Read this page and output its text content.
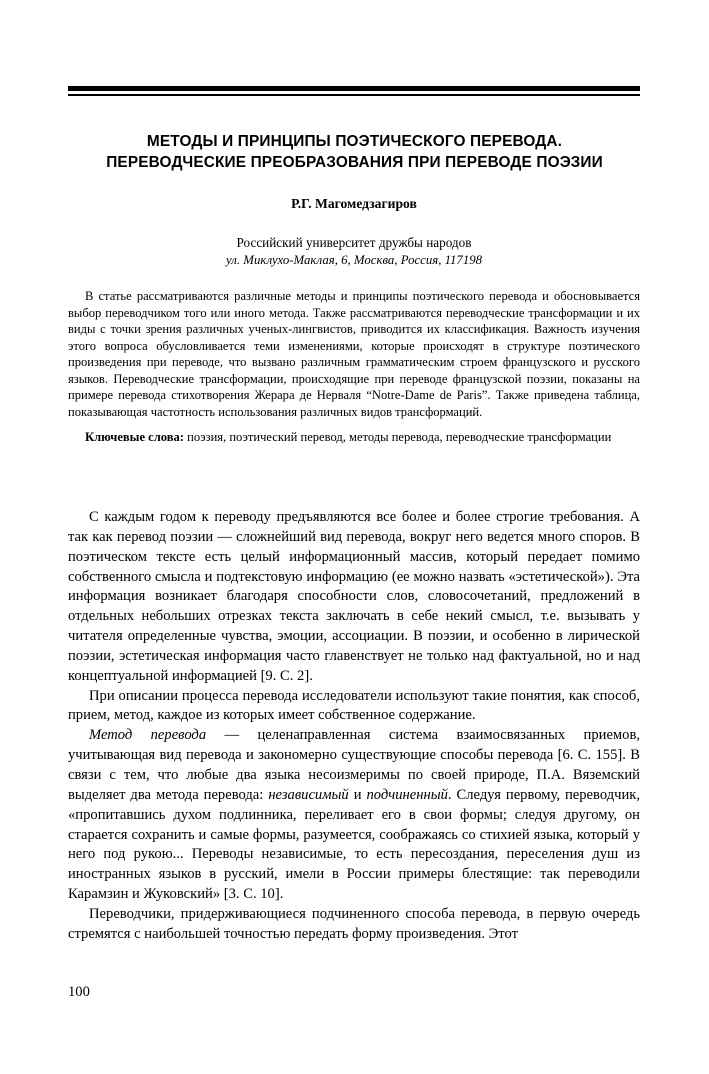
МЕТОДЫ И ПРИНЦИПЫ ПОЭТИЧЕСКОГО ПЕРЕВОДА.
ПЕРЕВОДЧЕСКИЕ ПРЕОБРАЗОВАНИЯ ПРИ ПЕРЕВОДЕ ПОЭЗИИ
Р.Г. Магомедзагиров
Российский университет дружбы народов
ул. Миклухо-Маклая, 6, Москва, Россия, 117198

В статье рассматриваются различные методы и принципы поэтического перевода и обосновывается выбор переводчиком того или иного метода. Также рассматриваются переводческие трансформации и их виды с точки зрения различных ученых-лингвистов, приводится их классификация. Важность изучения этого вопроса обусловливается теми изменениями, которые происходят в структуре поэтического произведения при переводе, что вызвано различным грамматическим строем французского и русского языков. Переводческие трансформации, происходящие при переводе французской поэзии, показаны на примере перевода стихотворения Жерара де Нерваля “Notre-Dame de Paris”. Также приведена таблица, показывающая частотность использования различных видов трансформаций.

Ключевые слова: поэзия, поэтический перевод, методы перевода, переводческие трансформации

С каждым годом к переводу предъявляются все более и более строгие требования. А так как перевод поэзии — сложнейший вид перевода, вокруг него ведется много споров. В поэтическом тексте есть целый информационный массив, который передает помимо собственного смысла и подтекстовую информацию (ее можно назвать «эстетической»). Эта информация возникает благодаря способности слов, словосочетаний, предложений в отдельных небольших отрезках текста заключать в себе некий смысл, т.е. вызывать у читателя определенные чувства, эмоции, ассоциации. В поэзии, и особенно в лирической поэзии, эстетическая информация часто главенствует не только над фактуальной, но и над концептуальной информацией [9. С. 2].

При описании процесса перевода исследователи используют такие понятия, как способ, прием, метод, каждое из которых имеет собственное содержание.

Метод перевода — целенаправленная система взаимосвязанных приемов, учитывающая вид перевода и закономерно существующие способы перевода [6. С. 155]. В связи с тем, что любые два языка несоизмеримы по своей природе, П.А. Вяземский выделяет два метода перевода: независимый и подчиненный. Следуя первому, переводчик, «пропитавшись духом подлинника, переливает его в свои формы; следуя другому, он старается сохранить и самые формы, разумеется, соображаясь со стихией языка, который у него под рукою... Переводы независимые, то есть пересоздания, переселения душ из иностранных языков в русский, имели в России примеры блестящие: так переводили Карамзин и Жуковский» [3. С. 10].

Переводчики, придерживающиеся подчиненного способа перевода, в первую очередь стремятся с наибольшей точностью передать форму произведения. Этот

100
